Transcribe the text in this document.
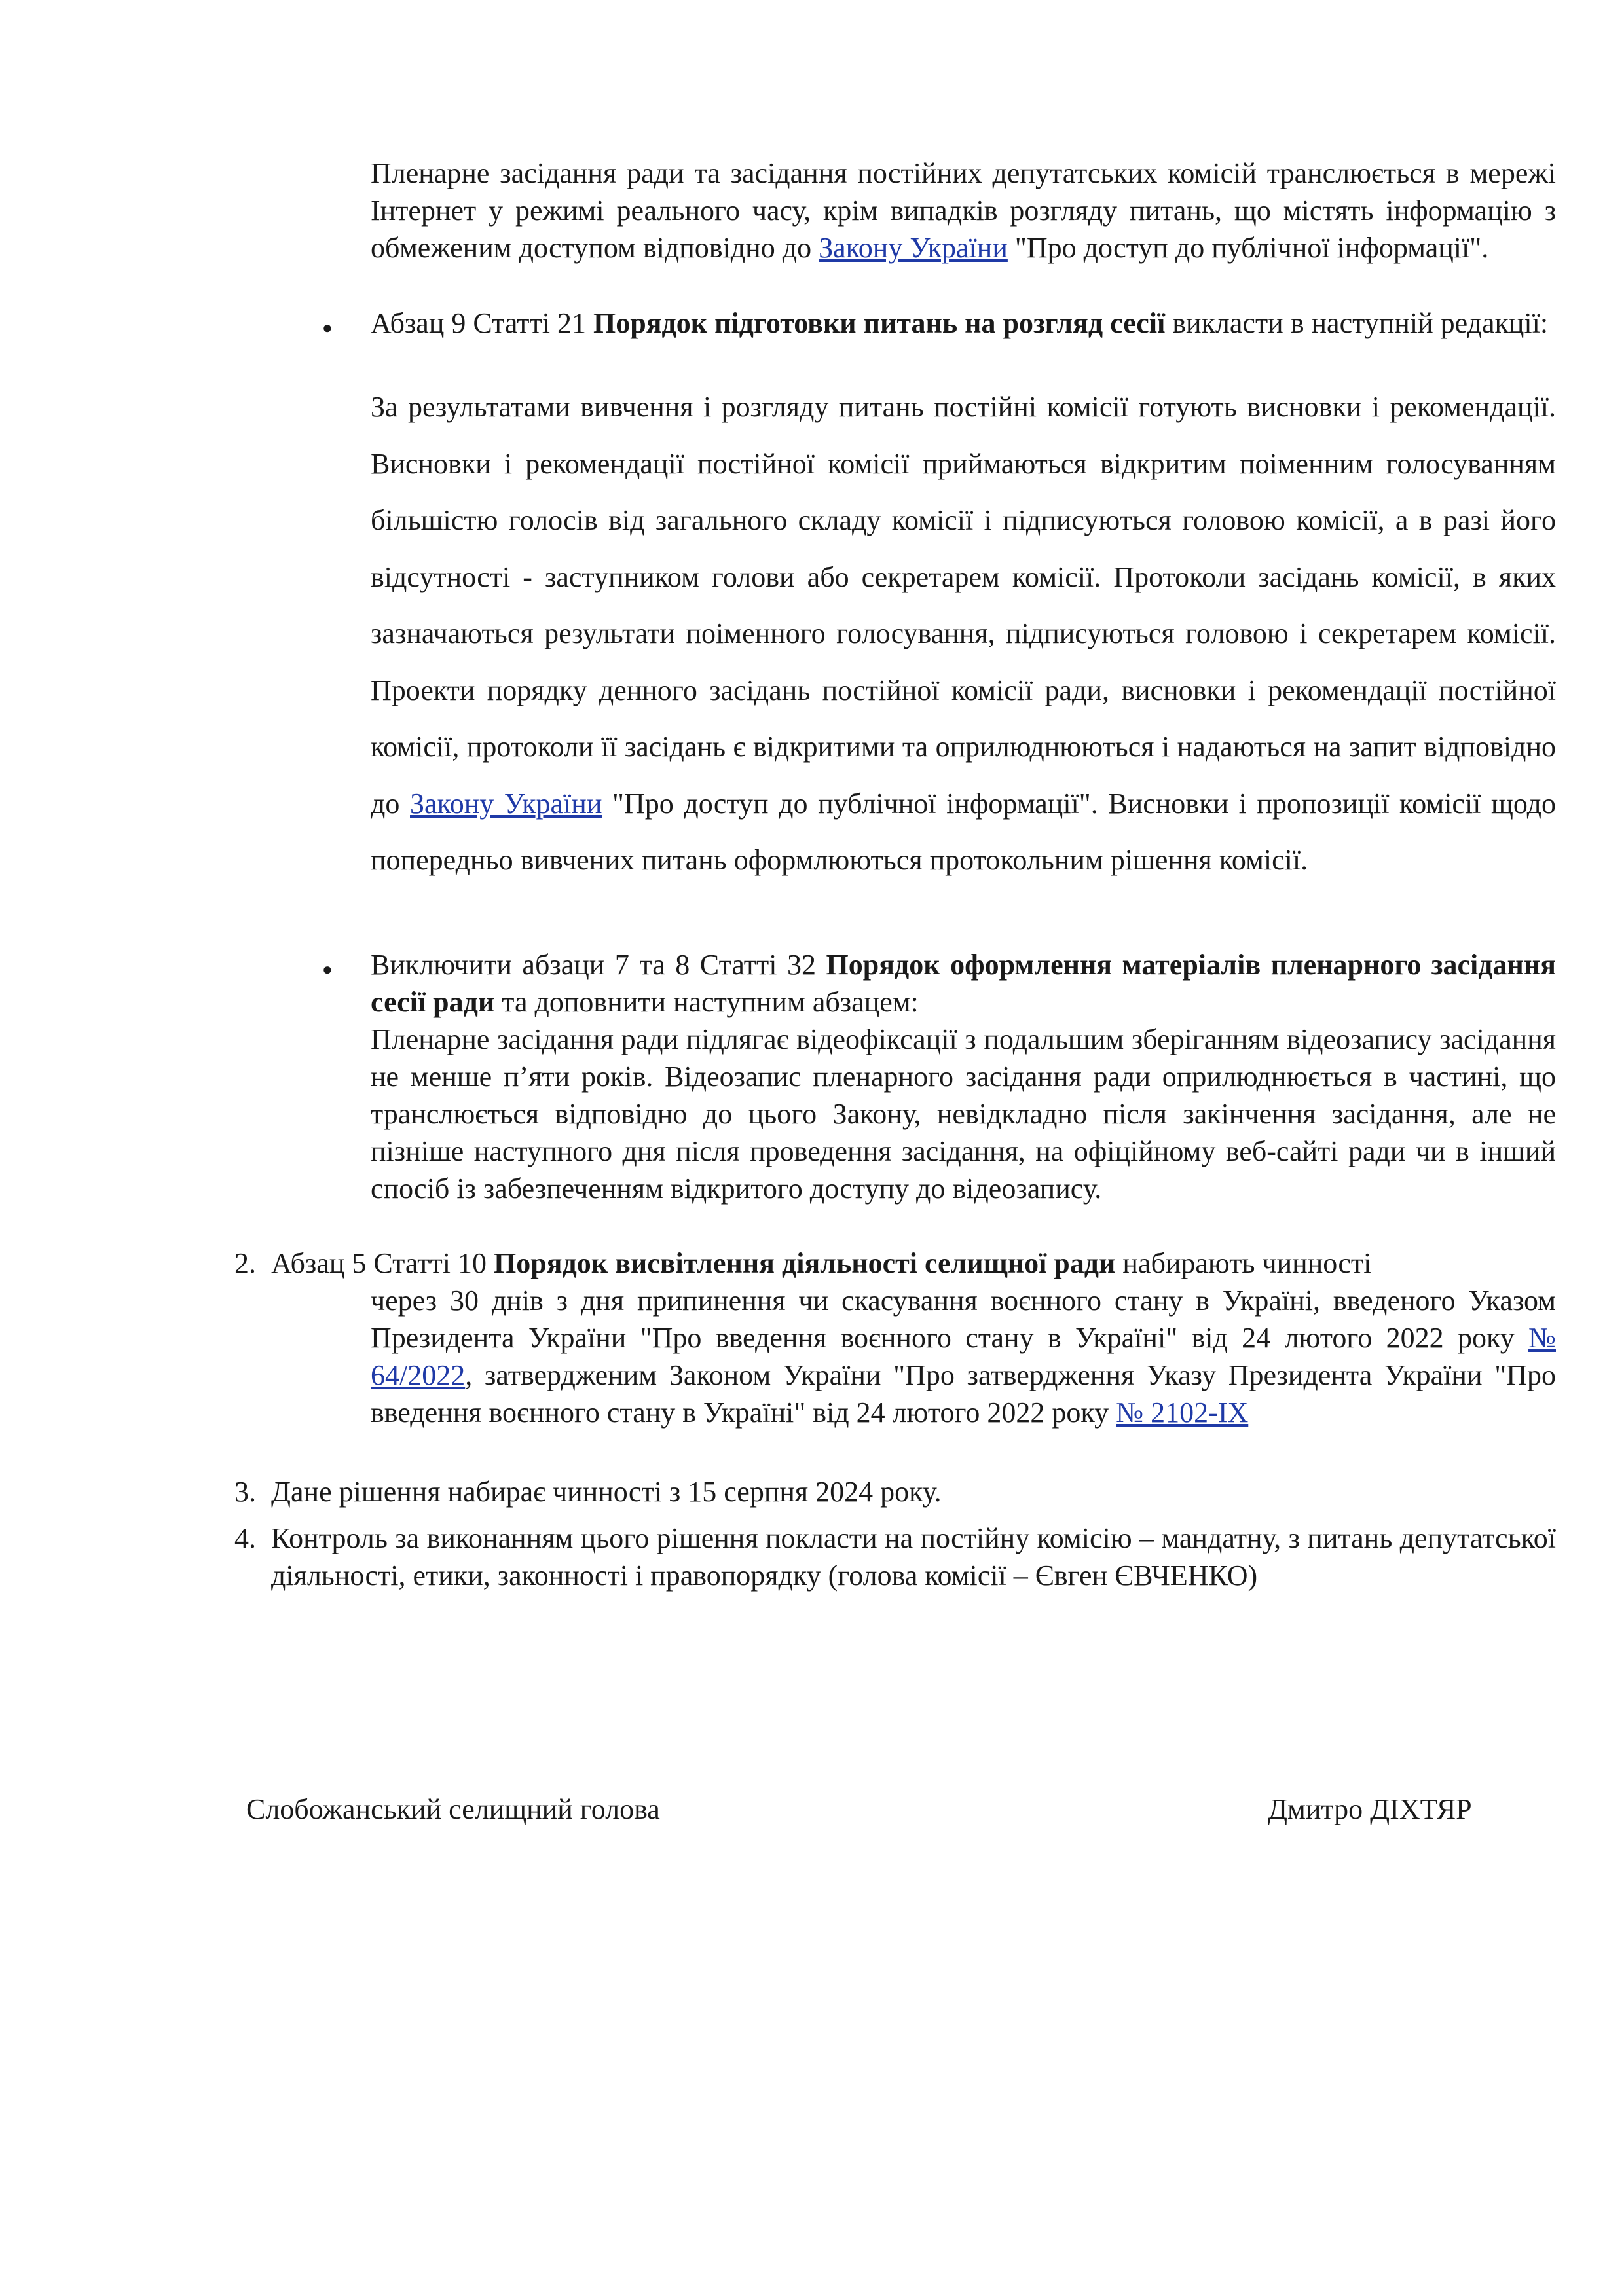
Пленарне засідання ради та засідання постійних депутатських комісій транслюється в мережі Інтернет у режимі реального часу, крім випадків розгляду питань, що містять інформацію з обмеженим доступом відповідно до Закону України "Про доступ до публічної інформації".

● Абзац 9 Статті 21 Порядок підготовки питань на розгляд сесії викласти в наступній редакції:

За результатами вивчення і розгляду питань постійні комісії готують висновки і рекомендації. Висновки і рекомендації постійної комісії приймаються відкритим поіменним голосуванням більшістю голосів від загального складу комісії і підписуються головою комісії, а в разі його відсутності - заступником голови або секретарем комісії. Протоколи засідань комісії, в яких зазначаються результати поіменного голосування, підписуються головою і секретарем комісії. Проекти порядку денного засідань постійної комісії ради, висновки і рекомендації постійної комісії, протоколи її засідань є відкритими та оприлюднюються і надаються на запит відповідно до Закону України "Про доступ до публічної інформації". Висновки і пропозиції комісії щодо попередньо вивчених питань оформлюються протокольним рішення комісії.

● Виключити абзаци 7 та 8 Статті 32 Порядок оформлення матеріалів пленарного засідання сесії ради та доповнити наступним абзацем:

Пленарне засідання ради підлягає відеофіксації з подальшим зберіганням відеозапису засідання не менше п’яти років. Відеозапис пленарного засідання ради оприлюднюється в частині, що транслюється відповідно до цього Закону, невідкладно після закінчення засідання, але не пізніше наступного дня після проведення засідання, на офіційному веб-сайті ради чи в інший спосіб із забезпеченням відкритого доступу до відеозапису.

2. Абзац 5 Статті 10 Порядок висвітлення діяльності селищної ради набирають чинності

через 30 днів з дня припинення чи скасування воєнного стану в Україні, введеного Указом Президента України "Про введення воєнного стану в Україні" від 24 лютого 2022 року № 64/2022, затвердженим Законом України "Про затвердження Указу Президента України "Про введення воєнного стану в Україні" від 24 лютого 2022 року № 2102-IX

3. Дане рішення набирає чинності з 15 серпня 2024 року.

4. Контроль за виконанням цього рішення покласти на постійну комісію – мандатну, з питань депутатської діяльності, етики, законності і правопорядку (голова комісії – Євген ЄВЧЕНКО)

Слобожанський селищний голова	Дмитро ДІХТЯР
